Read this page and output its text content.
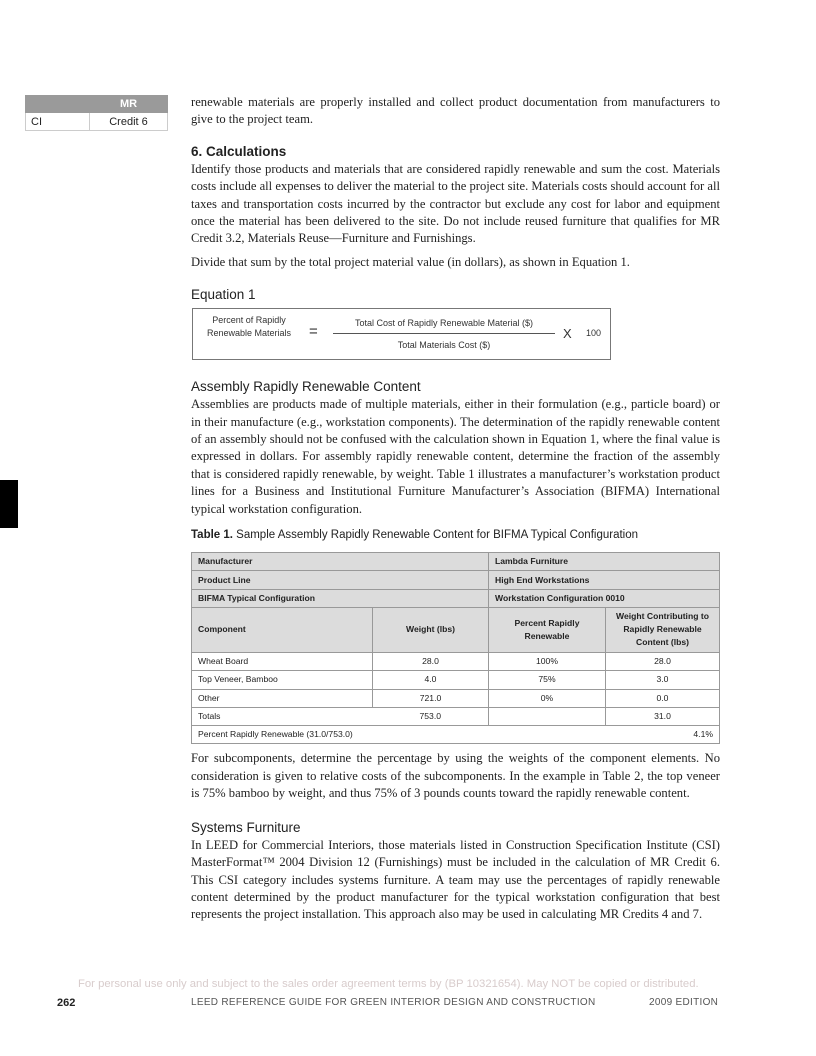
MR
CI	Credit 6

renewable materials are properly installed and collect product documentation from manufacturers to give to the project team.

6. Calculations

Identify those products and materials that are considered rapidly renewable and sum the cost. Materials costs include all expenses to deliver the material to the project site. Materials costs should account for all taxes and transportation costs incurred by the contractor but exclude any cost for labor and equipment once the material has been delivered to the site. Do not include reused furniture that qualifies for MR Credit 3.2, Materials Reuse—Furniture and Furnishings.

Divide that sum by the total project material value (in dollars), as shown in Equation 1.

Equation 1
Percent of Rapidly Renewable Materials	=	Total Cost of Rapidly Renewable Material ($)
Total Materials Cost ($)
X 100
Assembly Rapidly Renewable Content

Assemblies are products made of multiple materials, either in their formulation (e.g., particle board) or in their manufacture (e.g., workstation components). The determination of the rapidly renewable content of an assembly should not be confused with the calculation shown in Equation 1, where the final value is expressed in dollars. For assembly rapidly renewable content, determine the fraction of the assembly that is considered rapidly renewable, by weight. Table 1 illustrates a manufacturer’s workstation product lines for a Business and Institutional Furniture Manufacturer’s Association (BIFMA) International typical workstation configuration.

Table 1. Sample Assembly Rapidly Renewable Content for BIFMA Typical Configuration
Manufacturer		Lambda Furniture	
Product Line		High End Workstations	
BIFMA Typical Configuration		Workstation Configuration 0010	
Component	Weight (lbs)	Percent Rapidly Renewable	Weight Contributing to Rapidly Renewable Content (lbs)
Wheat Board	28.0	100%	28.0
Top Veneer, Bamboo	4.0	75%	3.0
Other	721.0	0%	0.0
Totals	753.0		31.0
Percent Rapidly Renewable (31.0/753.0)			4.1%

For subcomponents, determine the percentage by using the weights of the component elements. No consideration is given to relative costs of the subcomponents. In the example in Table 2, the top veneer is 75% bamboo by weight, and thus 75% of 3 pounds counts toward the rapidly renewable content.

Systems Furniture

In LEED for Commercial Interiors, those materials listed in Construction Specification Institute (CSI) MasterFormat™ 2004 Division 12 (Furnishings) must be included in the calculation of MR Credit 6. This CSI category includes systems furniture. A team may use the percentages of rapidly renewable content determined by the product manufacturer for the typical workstation configuration that best represents the project installation. This approach also may be used in calculating MR Credits 4 and 7.

For personal use only and subject to the sales order agreement terms by (BP 10321654). May NOT be copied or distributed.
262	LEED REFERENCE GUIDE FOR GREEN INTERIOR DESIGN AND CONSTRUCTION	2009 EDITION
